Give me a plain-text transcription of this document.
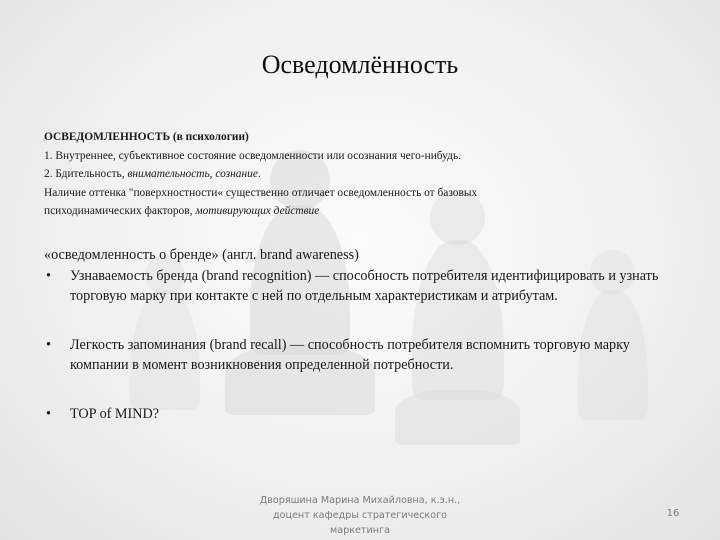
Осведомлённость
ОСВЕДОМЛЕННОСТЬ (в психологии)
1. Внутреннее, субъективное состояние осведомленности или осознания чего-нибудь.
2. Бдительность, внимательность, сознание.
Наличие оттенка "поверхностности« существенно отличает осведомленность от базовых
психодинамических факторов, мотивирующих действие
«осведомленность о бренде» (англ. brand awareness)
• Узнаваемость бренда (brand recognition) — способность потребителя идентифицировать и узнать торговую марку при контакте с ней по отдельным характеристикам и атрибутам.
• Легкость запоминания (brand recall) — способность потребителя вспомнить торговую марку компании в момент возникновения определенной потребности.
• TOP of MIND?
Дворяшина Марина Михайловна, к.э.н.,
доцент кафедры стратегического
маркетинга
16
